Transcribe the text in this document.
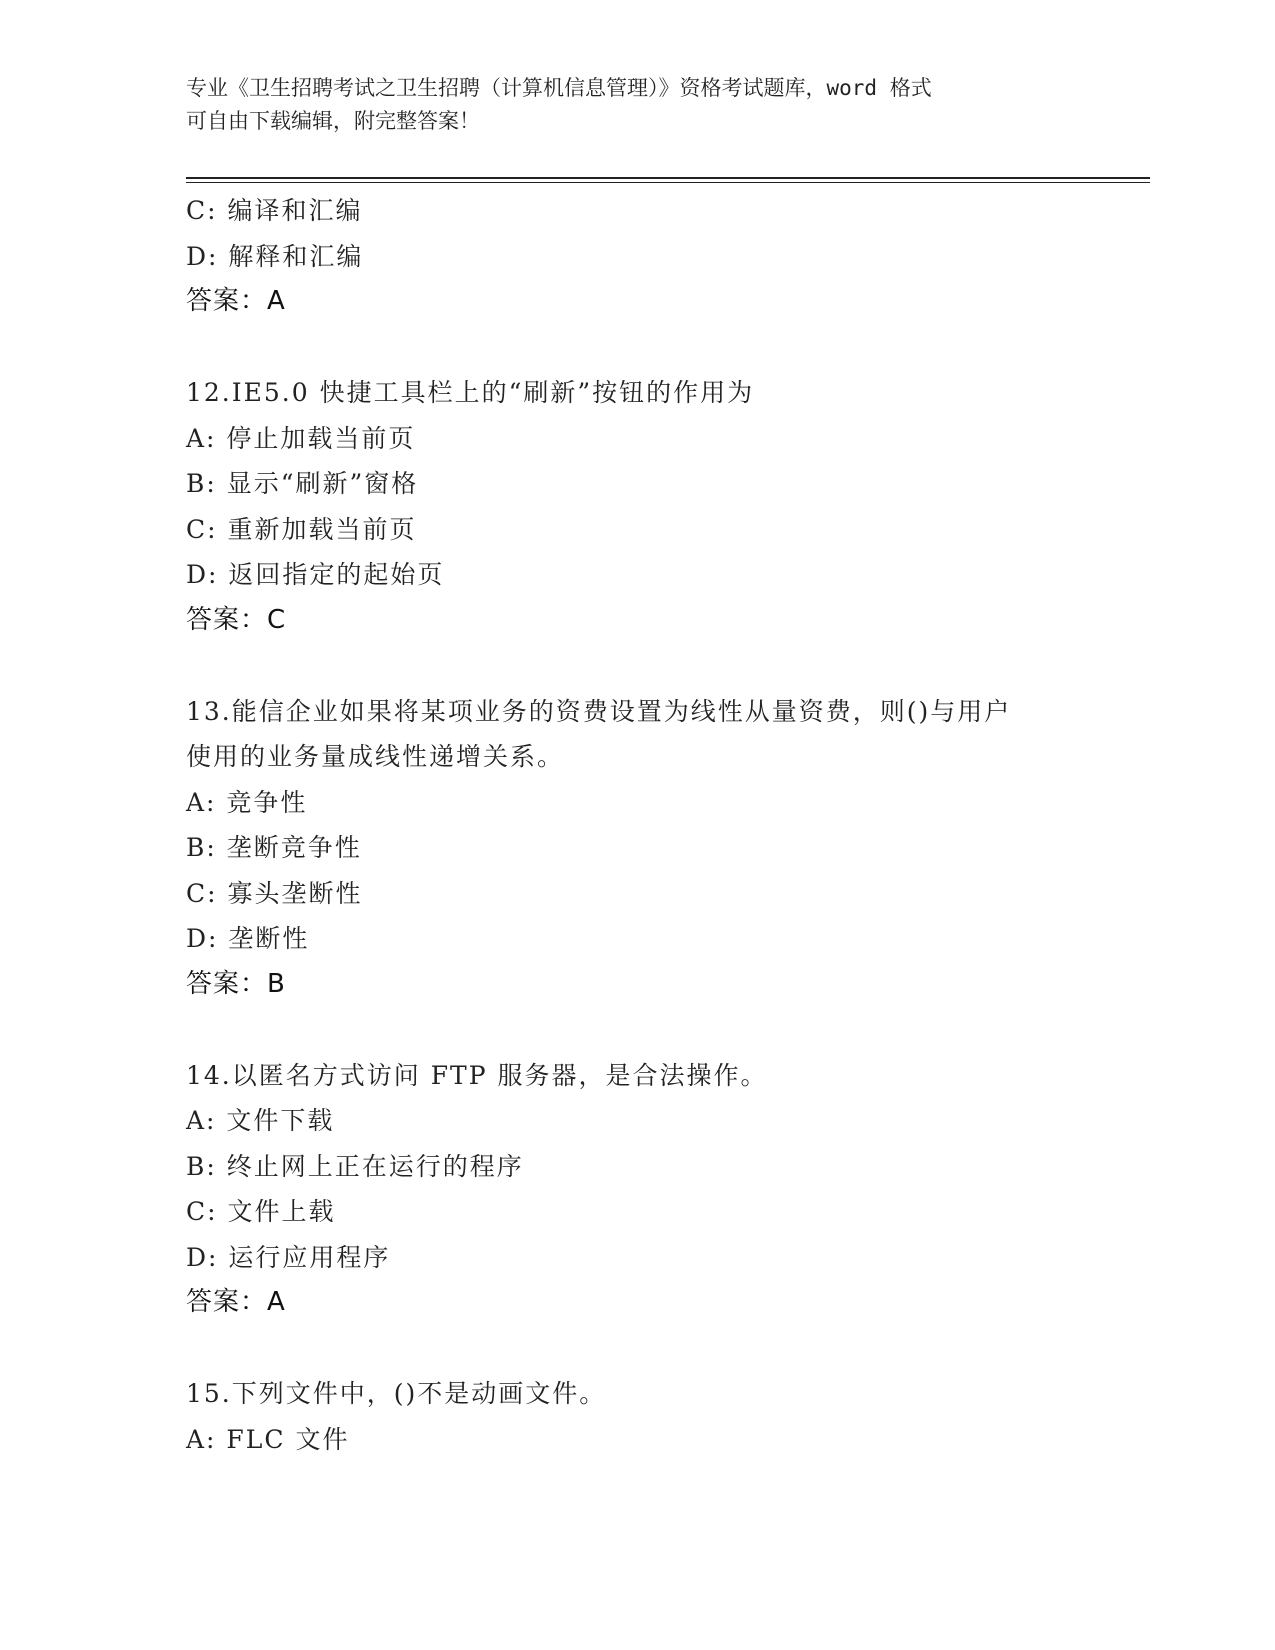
专业《卫生招聘考试之卫生招聘（计算机信息管理）》资格考试题库，word 格式
可自由下载编辑，附完整答案！
C: 编译和汇编
D: 解释和汇编
答案：A
12.IE5.0 快捷工具栏上的“刷新”按钮的作用为
A: 停止加载当前页
B: 显示“刷新”窗格
C: 重新加载当前页
D: 返回指定的起始页
答案：C
13.能信企业如果将某项业务的资费设置为线性从量资费，则()与用户
使用的业务量成线性递增关系。
A: 竞争性
B: 垄断竞争性
C: 寡头垄断性
D: 垄断性
答案：B
14.以匿名方式访问 FTP 服务器，是合法操作。
A: 文件下载
B: 终止网上正在运行的程序
C: 文件上载
D: 运行应用程序
答案：A
15.下列文件中，()不是动画文件。
A: FLC 文件
